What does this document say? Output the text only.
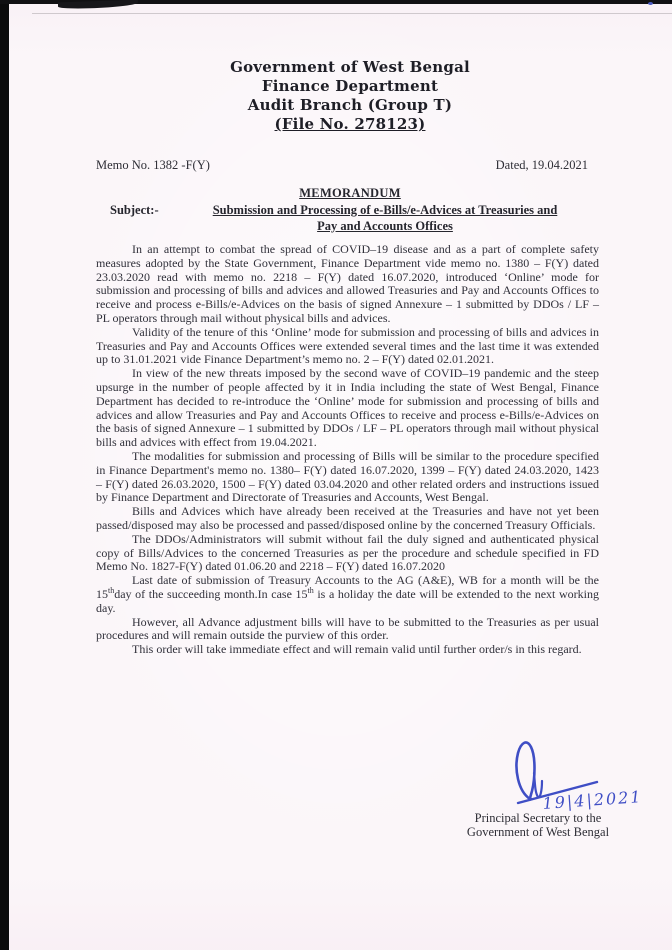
Government of West Bengal
Finance Department
Audit Branch (Group T)
(File No. 278123)
Memo No. 1382 -F(Y)	Dated, 19.04.2021
MEMORANDUM
Subject:-	Submission and Processing of e-Bills/e-Advices at Treasuries and
Pay and Accounts Offices

In an attempt to combat the spread of COVID–19 disease and as a part of complete safety measures adopted by the State Government, Finance Department vide memo no. 1380 – F(Y) dated 23.03.2020 read with memo no. 2218 – F(Y) dated 16.07.2020, introduced ‘Online’ mode for submission and processing of bills and advices and allowed Treasuries and Pay and Accounts Offices to receive and process e-Bills/e-Advices on the basis of signed Annexure – 1 submitted by DDOs / LF – PL operators through mail without physical bills and advices.

Validity of the tenure of this ‘Online’ mode for submission and processing of bills and advices in Treasuries and Pay and Accounts Offices were extended several times and the last time it was extended up to 31.01.2021 vide Finance Department’s memo no. 2 – F(Y) dated 02.01.2021.

In view of the new threats imposed by the second wave of COVID–19 pandemic and the steep upsurge in the number of people affected by it in India including the state of West Bengal, Finance Department has decided to re-introduce the ‘Online’ mode for submission and processing of bills and advices and allow Treasuries and Pay and Accounts Offices to receive and process e-Bills/e-Advices on the basis of signed Annexure – 1 submitted by DDOs / LF – PL operators through mail without physical bills and advices with effect from 19.04.2021.

The modalities for submission and processing of Bills will be similar to the procedure specified in Finance Department's memo no. 1380– F(Y) dated 16.07.2020, 1399 – F(Y) dated 24.03.2020, 1423 – F(Y) dated 26.03.2020, 1500 – F(Y) dated 03.04.2020 and other related orders and instructions issued by Finance Department and Directorate of Treasuries and Accounts, West Bengal.

Bills and Advices which have already been received at the Treasuries and have not yet been passed/disposed may also be processed and passed/disposed online by the concerned Treasury Officials.

The DDOs/Administrators will submit without fail the duly signed and authenticated physical copy of Bills/Advices to the concerned Treasuries as per the procedure and schedule specified in FD Memo No. 1827-F(Y) dated 01.06.20 and 2218 – F(Y) dated 16.07.2020

Last date of submission of Treasury Accounts to the AG (A&E), WB for a month will be the 15thday of the succeeding month.In case 15th is a holiday the date will be extended to the next working day.

However, all Advance adjustment bills will have to be submitted to the Treasuries as per usual procedures and will remain outside the purview of this order.

This order will take immediate effect and will remain valid until further order/s in this regard.

19|4|2021
Principal Secretary to the
Government of West Bengal
